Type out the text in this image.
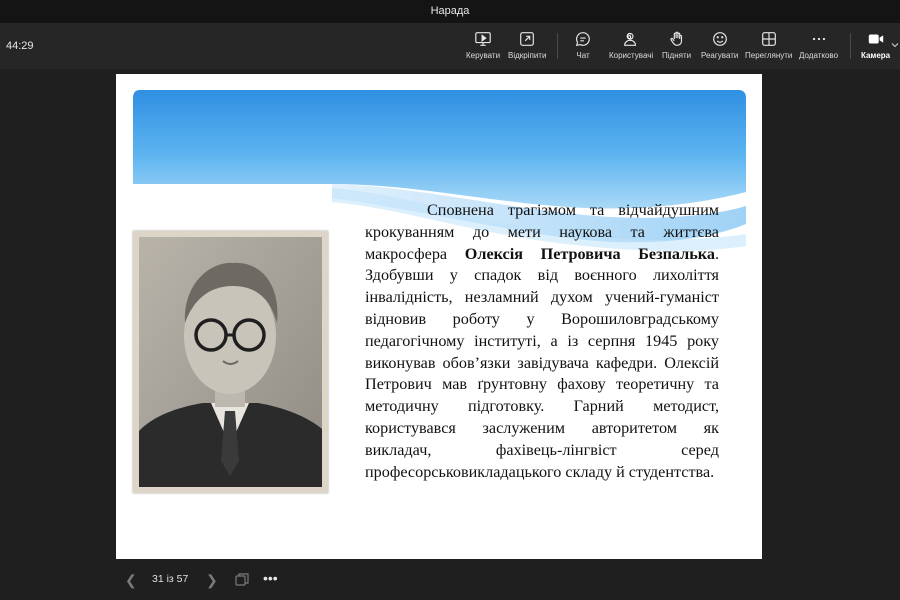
Нарада
44:29
Керувати Відкріпити	Чат
6
Користувачі Підняти Реагувати Переглянути Додатково	Камера
Сповнена трагізмом та відчайдушним крокуванням до мети наукова та життєва макросфера Олексія Петровича Безпалька. Здобувши у спадок від воєнного лихоліття інвалідність, незламний духом учений-гуманіст відновив роботу у Ворошиловградському педагогічному інституті, а із серпня 1945 року виконував обов’язки завідувача кафедри. Олексій Петрович мав ґрунтовну фахову теоретичну та методичну підготовку. Гарний методист, користувався заслуженим авторитетом як викладач, фахівець-лінгвіст серед професорськовикладацького складу й студентства.
❮ 31 із 57 ❯	•••
